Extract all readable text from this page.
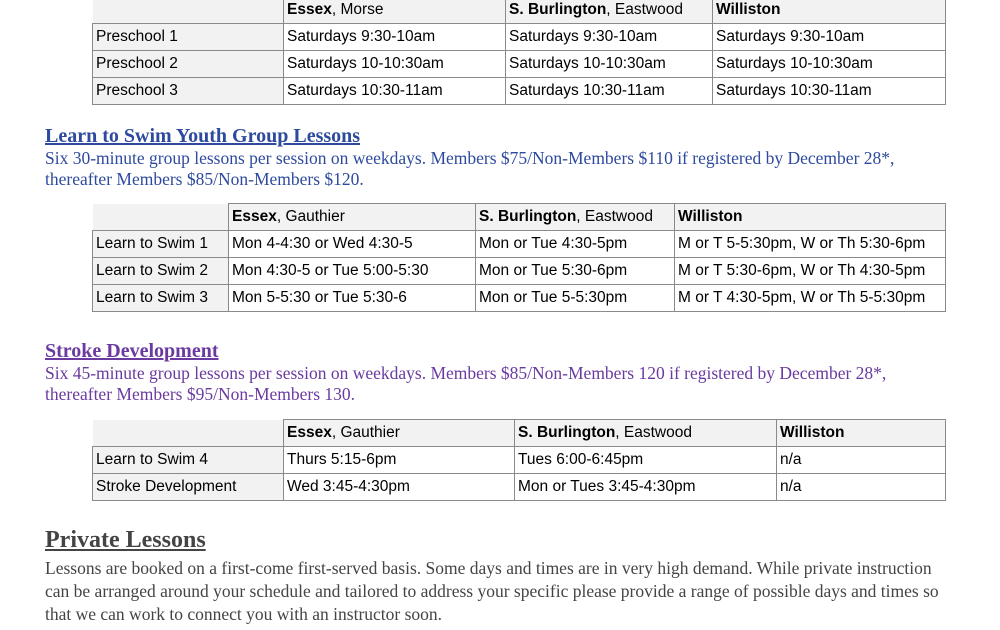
	Essex, Morse	S. Burlington, Eastwood	Williston
Preschool 1	Saturdays 9:30-10am	Saturdays 9:30-10am	Saturdays 9:30-10am
Preschool 2	Saturdays 10-10:30am	Saturdays 10-10:30am	Saturdays 10-10:30am
Preschool 3	Saturdays 10:30-11am	Saturdays 10:30-11am	Saturdays 10:30-11am
Learn to Swim Youth Group Lessons

Six 30-minute group lessons per session on weekdays. Members $75/Non-Members $110 if registered by December 28*, thereafter Members $85/Non-Members $120.

	Essex, Gauthier	S. Burlington, Eastwood	Williston
Learn to Swim 1	Mon 4-4:30 or Wed 4:30-5	Mon or Tue 4:30-5pm	M or T 5-5:30pm, W or Th 5:30-6pm
Learn to Swim 2	Mon 4:30-5 or Tue 5:00-5:30	Mon or Tue 5:30-6pm	M or T 5:30-6pm, W or Th 4:30-5pm
Learn to Swim 3	Mon 5-5:30 or Tue 5:30-6	Mon or Tue 5-5:30pm	M or T 4:30-5pm, W or Th 5-5:30pm
Stroke Development

Six 45-minute group lessons per session on weekdays. Members $85/Non-Members 120 if registered by December 28*, thereafter Members $95/Non-Members 130.

	Essex, Gauthier	S. Burlington, Eastwood	Williston
Learn to Swim 4	Thurs 5:15-6pm	Tues 6:00-6:45pm	n/a
Stroke Development	Wed 3:45-4:30pm	Mon or Tues 3:45-4:30pm	n/a
Private Lessons

Lessons are booked on a first-come first-served basis. Some days and times are in very high demand. While private instruction can be arranged around your schedule and tailored to address your specific please provide a range of possible days and times so that we can work to connect you with an instructor soon.
